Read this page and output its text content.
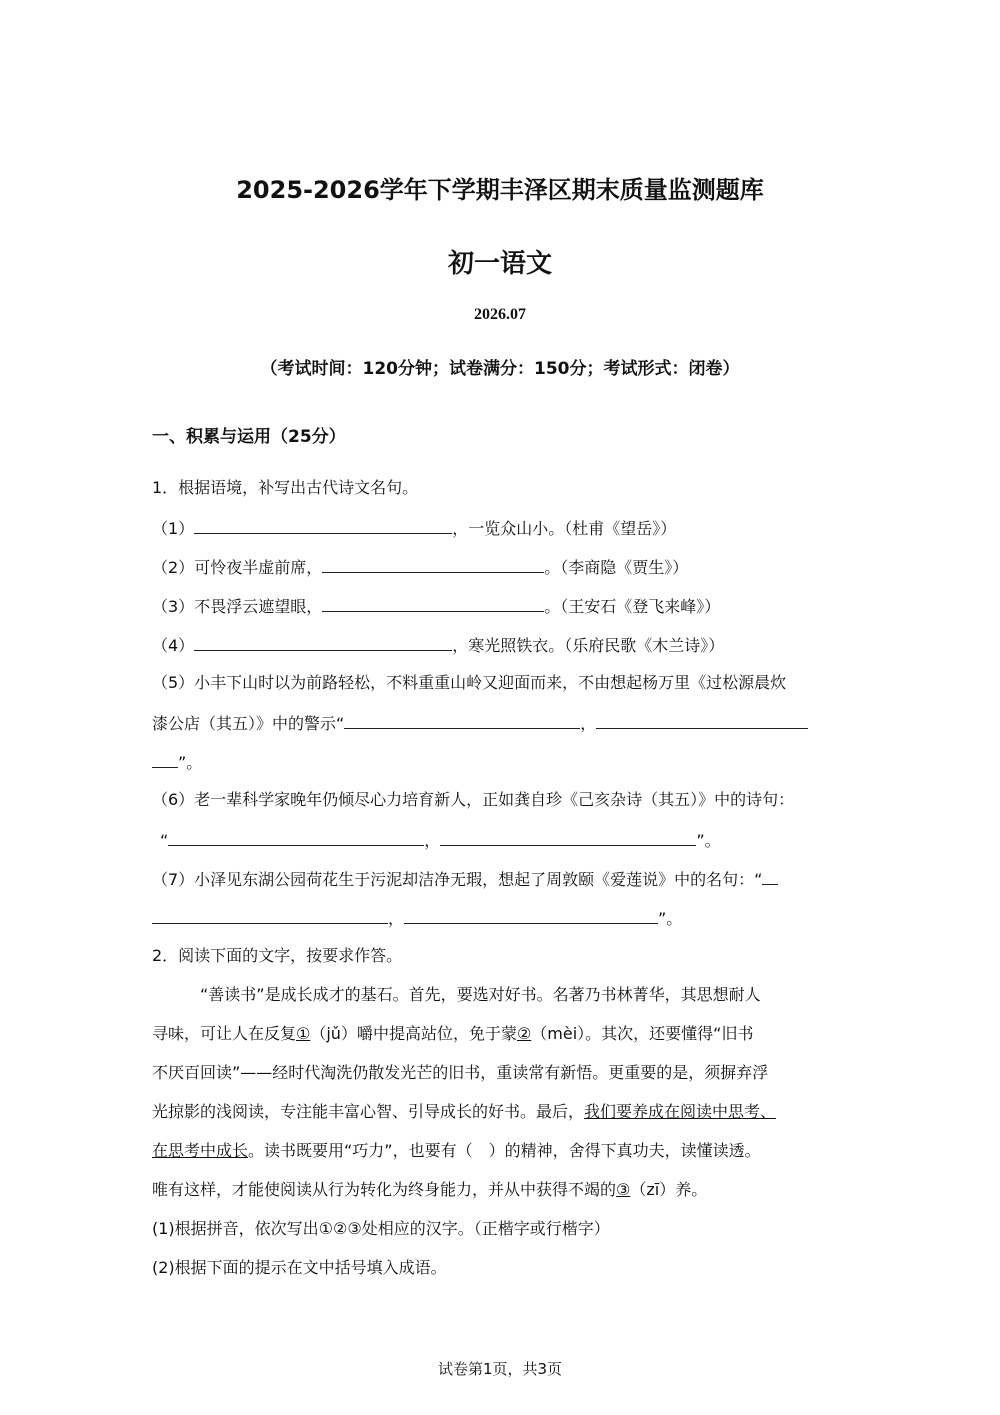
2025-2026学年下学期丰泽区期末质量监测题库
初一语文
2026.07
（考试时间：120分钟；试卷满分：150分；考试形式：闭卷）
一、积累与运用（25分）
1．根据语境，补写出古代诗文名句。
（1）	，一览众山小。（杜甫《望岳》）
（2）可怜夜半虚前席，	。（李商隐《贾生》）
（3）不畏浮云遮望眼，	。（王安石《登飞来峰》）
（4）	，寒光照铁衣。（乐府民歌《木兰诗》）
（5）小丰下山时以为前路轻松，不料重重山岭又迎面而来，不由想起杨万里《过松源晨炊
漆公店（其五）》中的警示“	，
”。
（6）老一辈科学家晚年仍倾尽心力培育新人，正如龚自珍《己亥杂诗（其五）》中的诗句：
“	，	”。
（7）小泽见东湖公园荷花生于污泥却洁净无瑕，想起了周敦颐《爱莲说》中的名句：“
，	”。
2．阅读下面的文字，按要求作答。
“善读书”是成长成才的基石。首先，要选对好书。名著乃书林菁华，其思想耐人
寻味，可让人在反复①（jǔ）嚼中提高站位，免于蒙②（mèi）。其次，还要懂得“旧书
不厌百回读”——经时代淘洗仍散发光芒的旧书，重读常有新悟。更重要的是，须摒弃浮
光掠影的浅阅读，专注能丰富心智、引导成长的好书。最后，我们要养成在阅读中思考、
在思考中成长。读书既要用“巧力”，也要有（　）的精神，舍得下真功夫，读懂读透。
唯有这样，才能使阅读从行为转化为终身能力，并从中获得不竭的③（zī）养。
(1)根据拼音，依次写出①②③处相应的汉字。（正楷字或行楷字）
(2)根据下面的提示在文中括号填入成语。
试卷第1页，共3页
